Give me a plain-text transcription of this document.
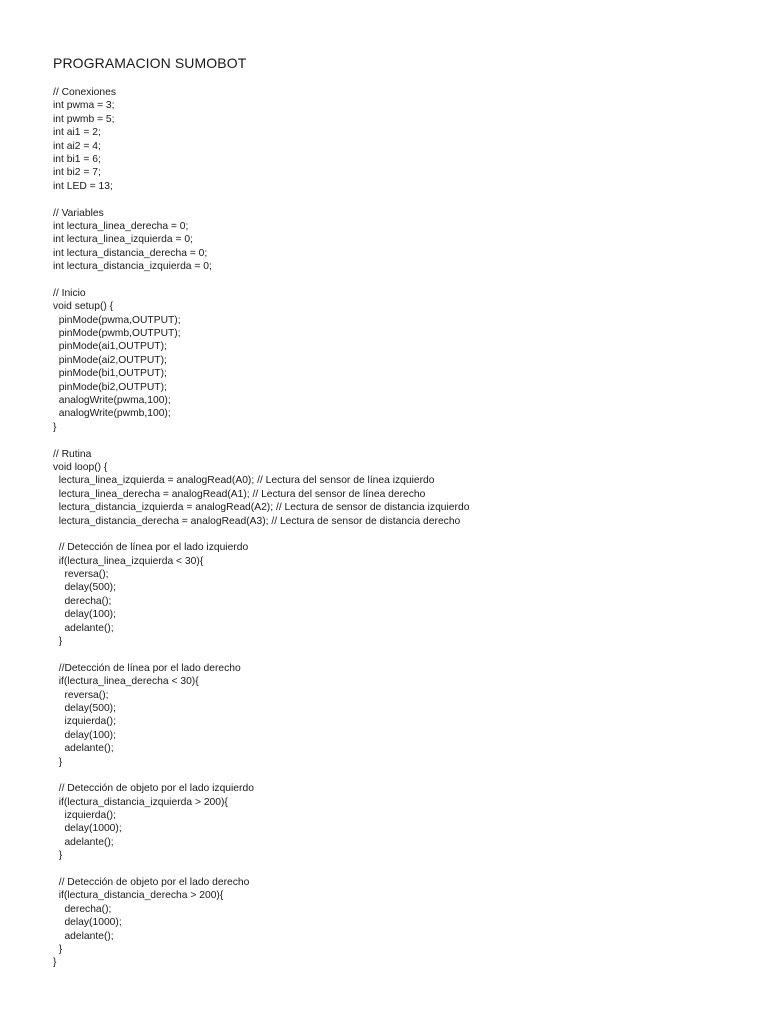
PROGRAMACION SUMOBOT
// Conexiones
int pwma = 3;
int pwmb = 5;
int ai1 = 2;
int ai2 = 4;
int bi1 = 6;
int bi2 = 7;
int LED = 13;
// Variables
int lectura_linea_derecha = 0;
int lectura_linea_izquierda = 0;
int lectura_distancia_derecha = 0;
int lectura_distancia_izquierda = 0;
// Inicio
void setup() {
pinMode(pwma,OUTPUT);
pinMode(pwmb,OUTPUT);
pinMode(ai1,OUTPUT);
pinMode(ai2,OUTPUT);
pinMode(bi1,OUTPUT);
pinMode(bi2,OUTPUT);
analogWrite(pwma,100);
analogWrite(pwmb,100);
}
// Rutina
void loop() {
lectura_linea_izquierda = analogRead(A0); // Lectura del sensor de línea izquierdo
lectura_linea_derecha = analogRead(A1); // Lectura del sensor de línea derecho
lectura_distancia_izquierda = analogRead(A2); // Lectura de sensor de distancia izquierdo
lectura_distancia_derecha = analogRead(A3); // Lectura de sensor de distancia derecho
// Detección de línea por el lado izquierdo
if(lectura_linea_izquierda < 30){
reversa();
delay(500);
derecha();
delay(100);
adelante();
}
//Detección de línea por el lado derecho
if(lectura_linea_derecha < 30){
reversa();
delay(500);
izquierda();
delay(100);
adelante();
}
// Detección de objeto por el lado izquierdo
if(lectura_distancia_izquierda > 200){
izquierda();
delay(1000);
adelante();
}
// Detección de objeto por el lado derecho
if(lectura_distancia_derecha > 200){
derecha();
delay(1000);
adelante();
}
}
